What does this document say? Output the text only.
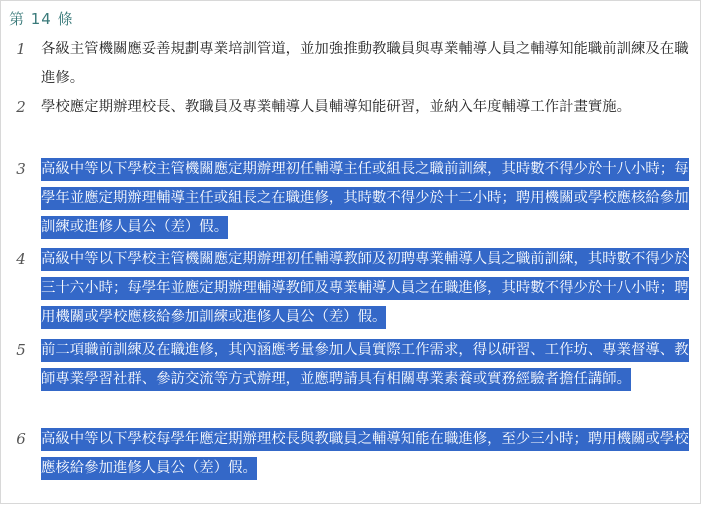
第 14 條
1 各級主管機關應妥善規劃專業培訓管道，並加強推動教職員與專業輔導人員之輔導知能職前訓練及在職進修。

2 學校應定期辦理校長、教職員及專業輔導人員輔導知能研習，並納入年度輔導工作計畫實施。

3 高級中等以下學校主管機關應定期辦理初任輔導主任或組長之職前訓練，其時數不得少於十八小時；每學年並應定期辦理輔導主任或組長之在職進修，其時數不得少於十二小時；聘用機關或學校應核給參加訓練或進修人員公（差）假。

4 高級中等以下學校主管機關應定期辦理初任輔導教師及初聘專業輔導人員之職前訓練，其時數不得少於三十六小時；每學年並應定期辦理輔導教師及專業輔導人員之在職進修，其時數不得少於十八小時；聘用機關或學校應核給參加訓練或進修人員公（差）假。

5 前二項職前訓練及在職進修，其內涵應考量參加人員實際工作需求，得以研習、工作坊、專業督導、教師專業學習社群、參訪交流等方式辦理，並應聘請具有相關專業素養或實務經驗者擔任講師。

6 高級中等以下學校每學年應定期辦理校長與教職員之輔導知能在職進修，至少三小時；聘用機關或學校應核給參加進修人員公（差）假。
